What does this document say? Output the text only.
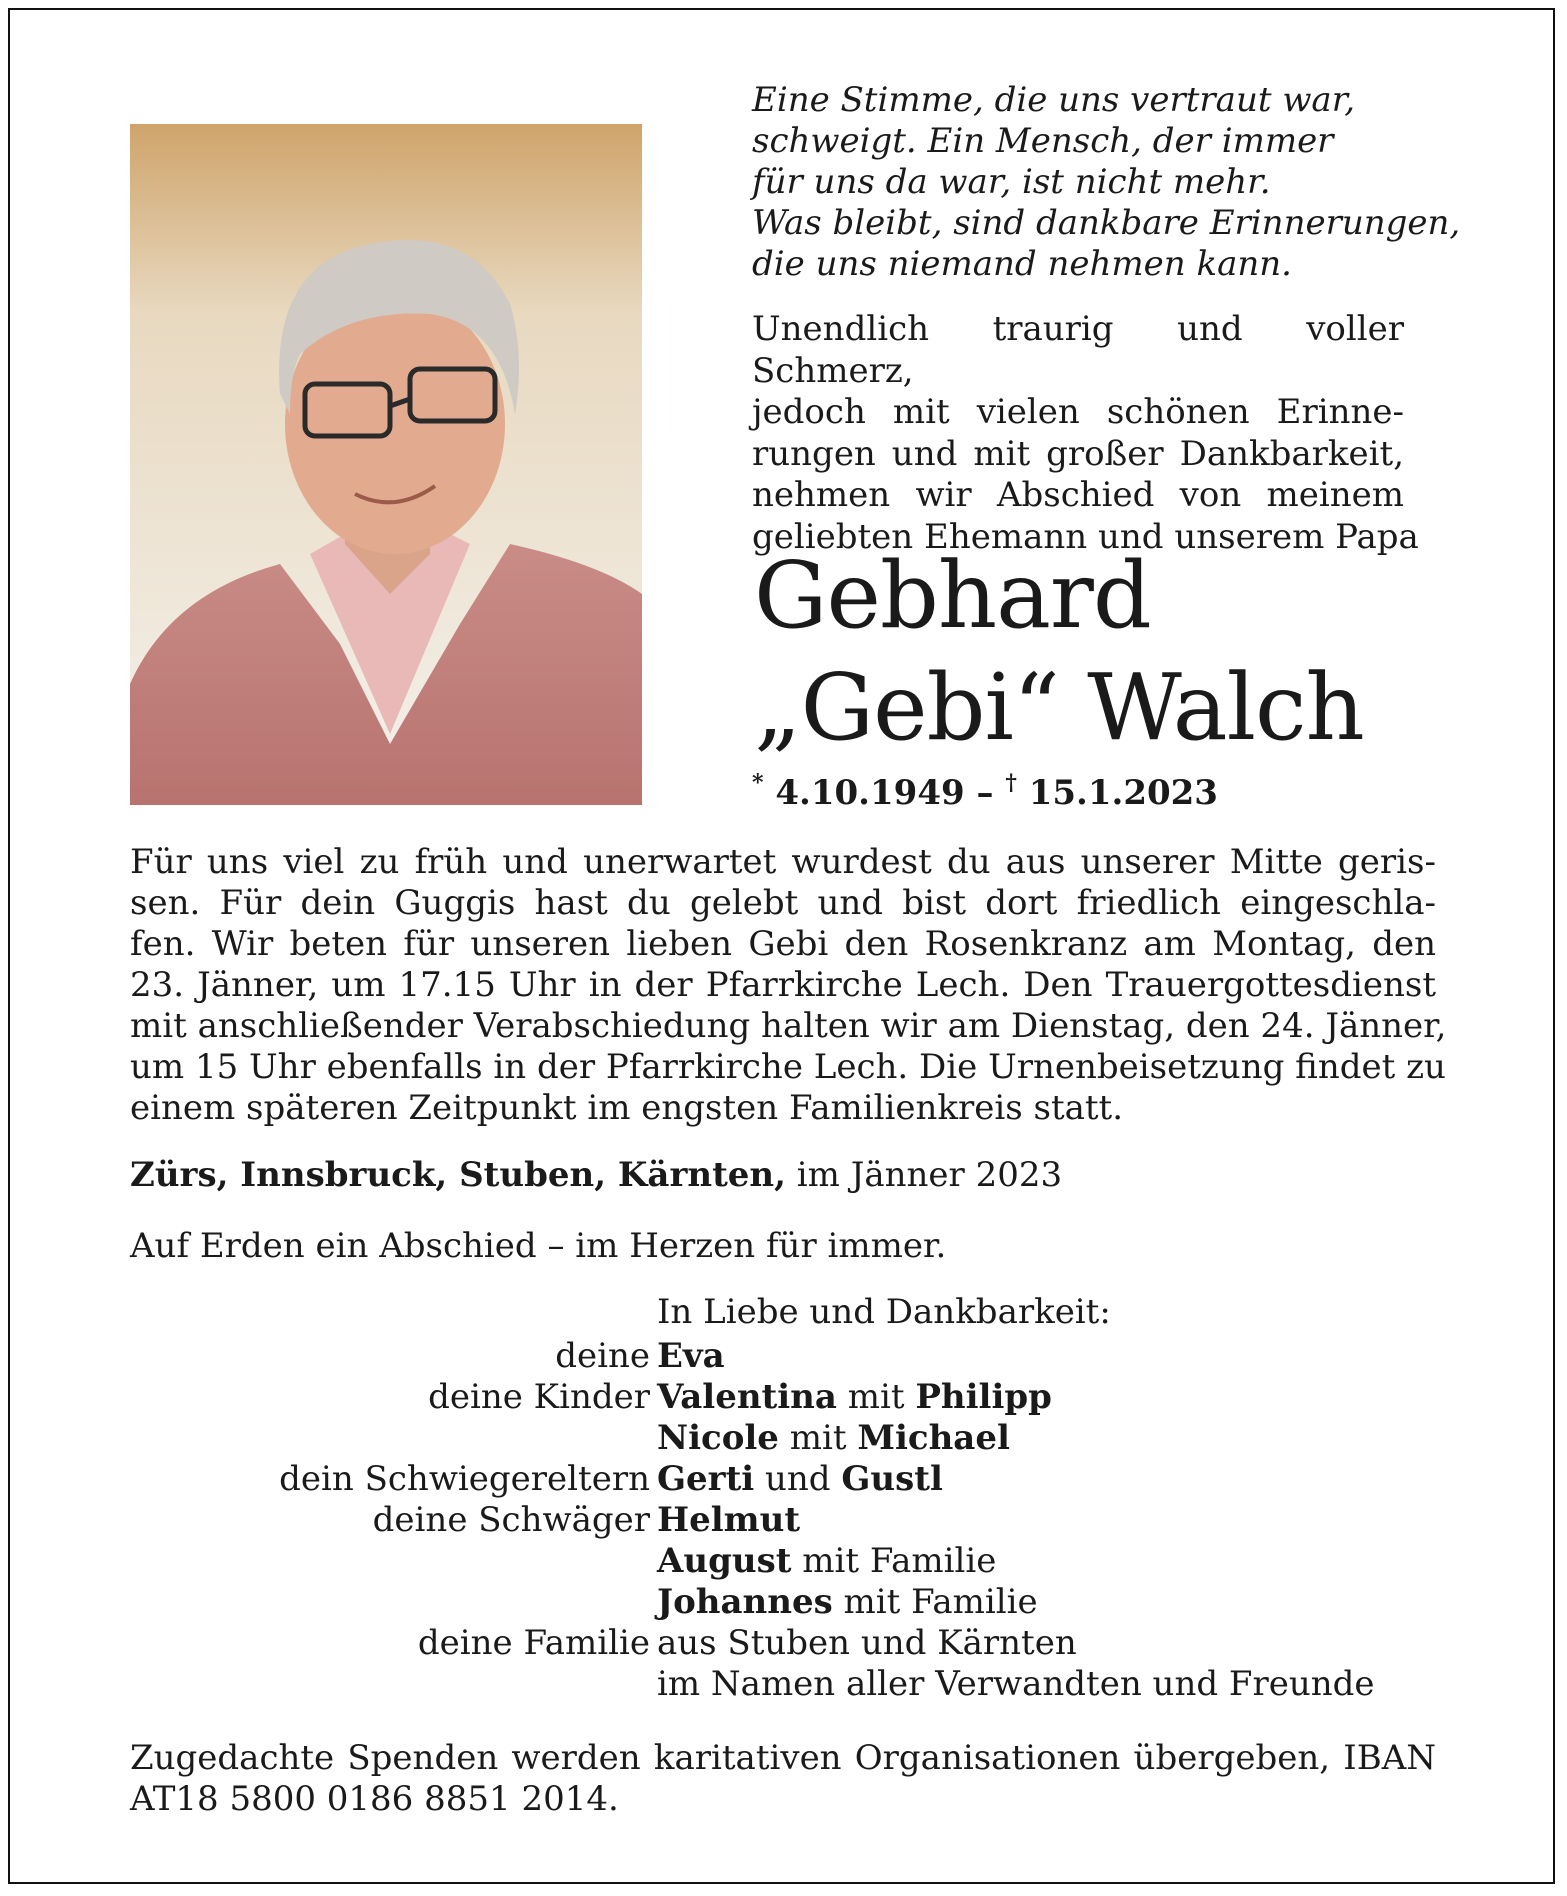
Eine Stimme, die uns vertraut war,
schweigt. Ein Mensch, der immer
für uns da war, ist nicht mehr.
Was bleibt, sind dankbare Erinnerungen,
die uns niemand nehmen kann.
Unendlich traurig und voller Schmerz,
jedoch mit vielen schönen Erinne-
rungen und mit großer Dankbarkeit,
nehmen wir Abschied von meinem
geliebten Ehemann und unserem Papa
Gebhard
„Gebi“ Walch
* 4.10.1949 – † 15.1.2023
Für uns viel zu früh und unerwartet wurdest du aus unserer Mitte geris-
sen. Für dein Guggis hast du gelebt und bist dort friedlich eingeschla-
fen. Wir beten für unseren lieben Gebi den Rosenkranz am Montag, den
23. Jänner, um 17.15 Uhr in der Pfarrkirche Lech. Den Trauergottesdienst
mit anschließender Verabschiedung halten wir am Dienstag, den 24. Jänner,
um 15 Uhr ebenfalls in der Pfarrkirche Lech. Die Urnenbeisetzung findet zu
einem späteren Zeitpunkt im engsten Familienkreis statt.
Zürs, Innsbruck, Stuben, Kärnten, im Jänner 2023
Auf Erden ein Abschied – im Herzen für immer.
In Liebe und Dankbarkeit:
deine Eva
deine Kinder Valentina mit Philipp
Nicole mit Michael
dein Schwiegereltern Gerti und Gustl
deine Schwäger Helmut
August mit Familie
Johannes mit Familie
deine Familie aus Stuben und Kärnten
im Namen aller Verwandten und Freunde
Zugedachte Spenden werden karitativen Organisationen übergeben, IBAN
AT18 5800 0186 8851 2014.
